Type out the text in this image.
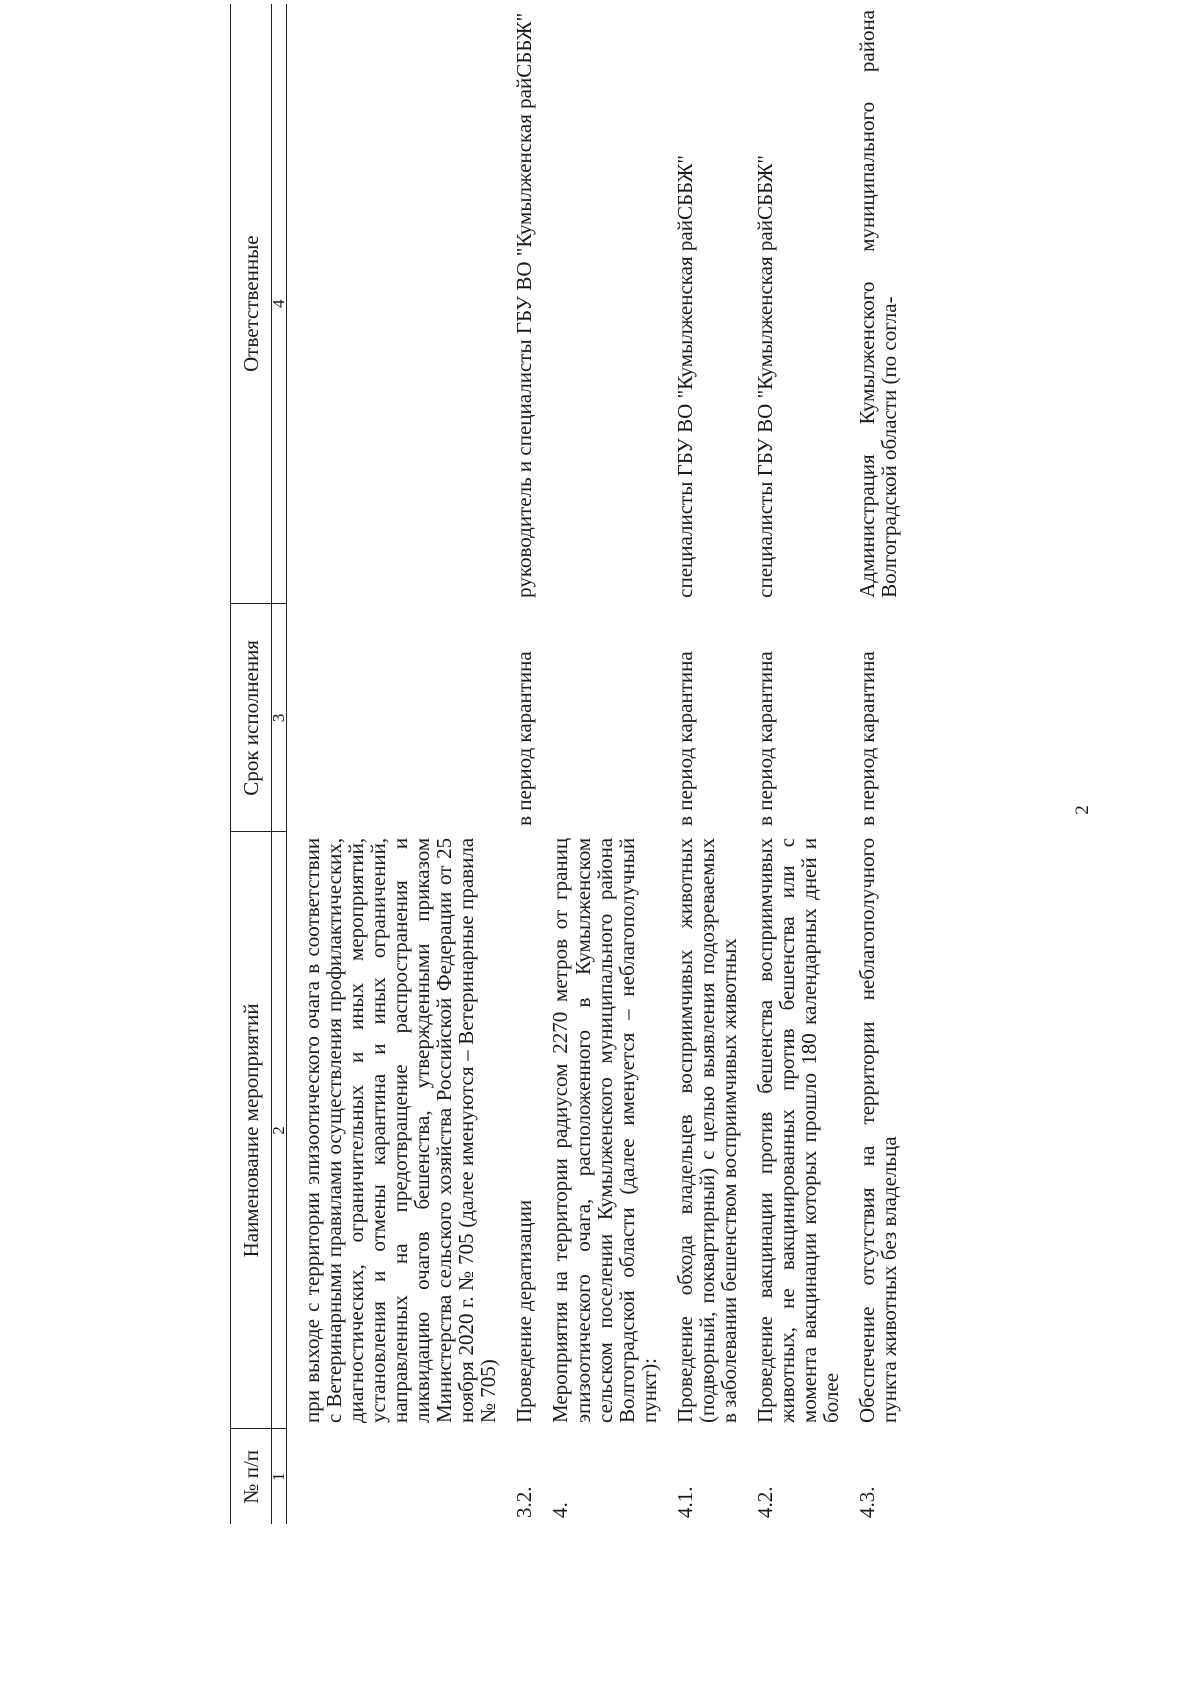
2
№ п/п	Наименование мероприятий	Срок исполнения	Ответственные
1	2	3	4

	при выходе с территории эпизоотического очага в соответствии с Ветеринарными правилами осуществления профилактических, диагностических, ограничительных и иных мероприятий, установления и отмены карантина и иных ограничений, направленных на предотвращение распространения и ликвидацию очагов бешенства, утвержденными приказом Министерства сельского хозяйства Российской Федерации от 25 ноября 2020 г. № 705 (далее именуются – Ветеринарные правила № 705)		

3.2.	Проведение дератизации	в период карантина	руководитель и специалисты ГБУ ВО "Кумылженская райСББЖ"

4.	Мероприятия на территории радиусом 2270 метров от границ эпизоотического очага, расположенного в Кумылженском сельском поселении Кумылженского муниципального района Волгоградской области (далее именуется – неблагополучный пункт):		

4.1.	Проведение обхода владельцев восприимчивых животных (подворный, поквартирный) с целью выявления подозреваемых в заболевании бешенством восприимчивых животных	в период карантина	специалисты ГБУ ВО "Кумылженская райСББЖ"

4.2.	Проведение вакцинации против бешенства восприимчивых животных, не вакцинированных против бешенства или с момента вакцинации которых прошло 180 календарных дней и более	в период карантина	специалисты ГБУ ВО "Кумылженская райСББЖ"

4.3.	Обеспечение отсутствия на территории неблагополучного пункта животных без владельца	в период карантина	Администрация Кумылженского муниципального района Волгоградской области (по согла-
